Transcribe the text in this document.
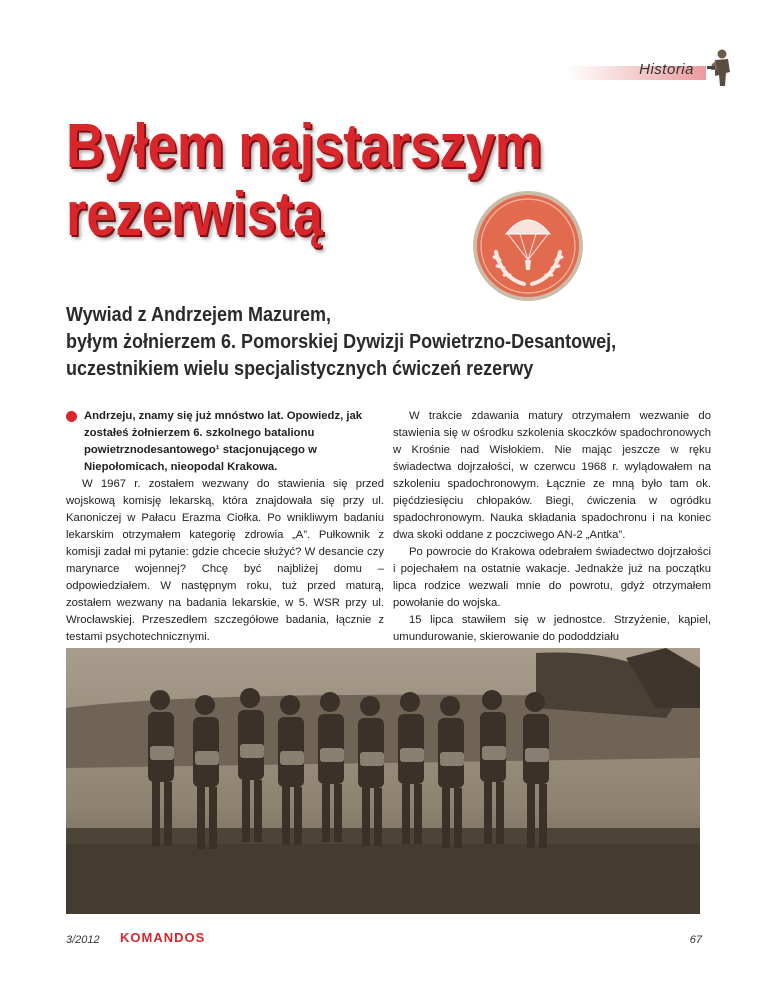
Historia
Byłem najstarszym
rezerwistą
Wywiad z Andrzejem Mazurem,
byłym żołnierzem 6. Pomorskiej Dywizji Powietrzno-Desantowej,
uczestnikiem wielu specjalistycznych ćwiczeń rezerwy

Andrzeju, znamy się już mnóstwo lat. Opowiedz, jak zostałeś żołnierzem 6. szkolnego batalionu powietrznodesantowego¹ stacjonującego w Niepołomicach, nieopodal Krakowa.

W 1967 r. zostałem wezwany do stawienia się przed wojskową komisję lekarską, która znajdowała się przy ul. Kanoniczej w Pałacu Erazma Ciołka. Po wnikliwym badaniu lekarskim otrzymałem kategorię zdrowia „A”. Pułkownik z komisji zadał mi pytanie: gdzie chcecie służyć? W desancie czy marynarce wojennej? Chcę być najbliżej domu – odpowiedziałem. W następnym roku, tuż przed maturą, zostałem wezwany na badania lekarskie, w 5. WSR przy ul. Wrocławskiej. Przeszedłem szczegółowe badania, łącznie z testami psychotechnicznymi.

W trakcie zdawania matury otrzymałem wezwanie do stawienia się w ośrodku szkolenia skoczków spadochronowych w Krośnie nad Wisłokiem. Nie mając jeszcze w ręku świadectwa dojrzałości, w czerwcu 1968 r. wylądowałem na szkoleniu spadochronowym. Łącznie ze mną było tam ok. pięćdziesięciu chłopaków. Biegi, ćwiczenia w ogródku spadochronowym. Nauka składania spadochronu i na koniec dwa skoki oddane z poczciwego AN-2 „Antka”.

Po powrocie do Krakowa odebrałem świadectwo dojrzałości i pojechałem na ostatnie wakacje. Jednakże już na początku lipca rodzice wezwali mnie do powrotu, gdyż otrzymałem powołanie do wojska.

15 lipca stawiłem się w jednostce. Strzyżenie, kąpiel, umundurowanie, skierowanie do pododdziału

3/2012 KOMANDOS	67
